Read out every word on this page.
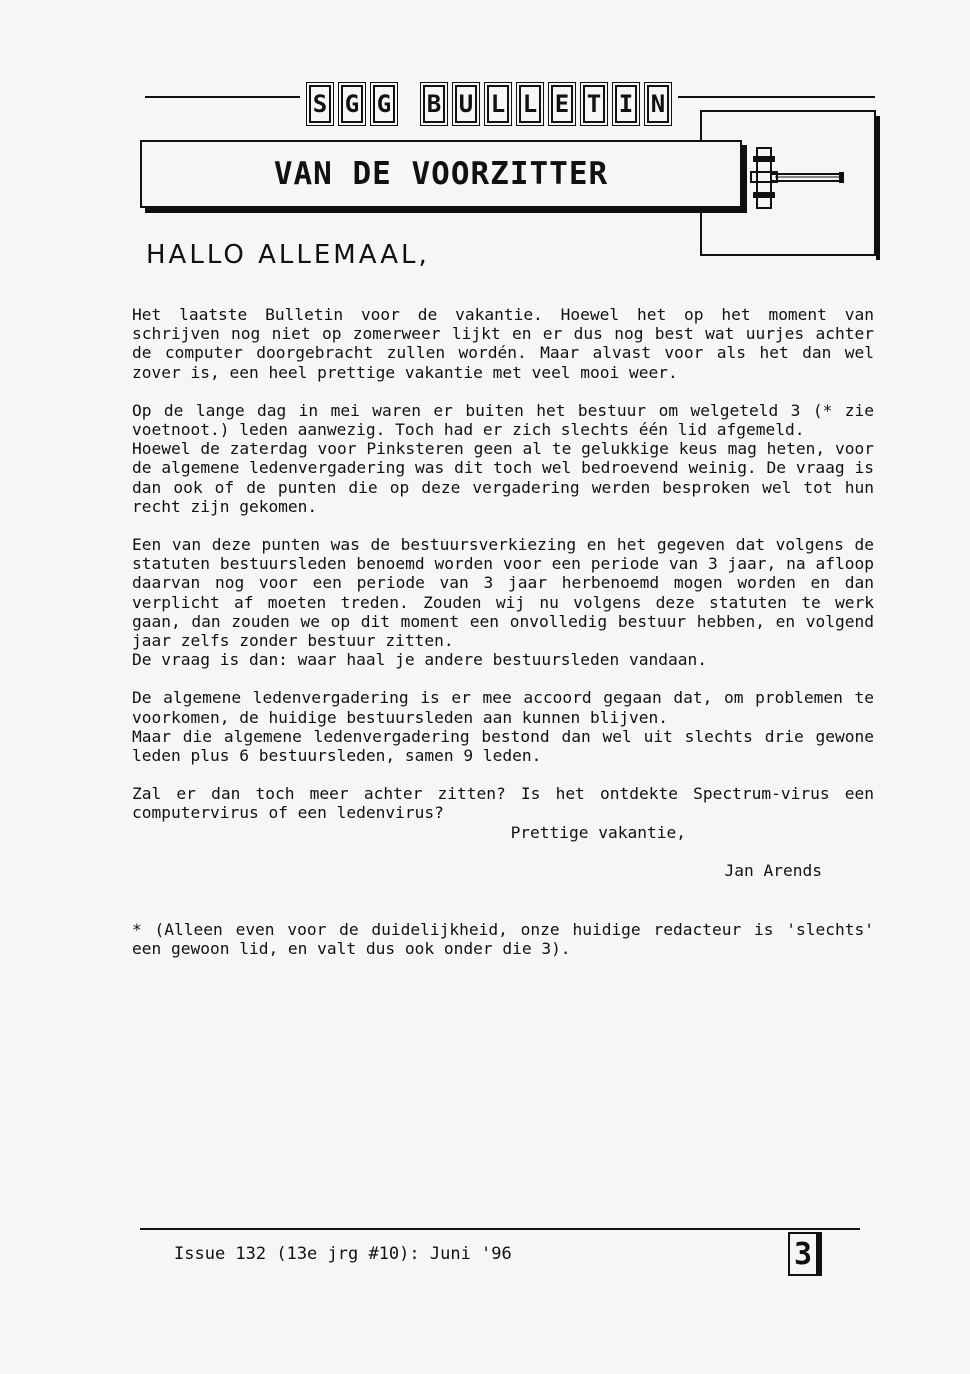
S G G B U L L E T I N
VAN DE VOORZITTER
HALLO ALLEMAAL,

Het laatste Bulletin voor de vakantie. Hoewel het op het moment van schrijven nog niet op zomerweer lijkt en er dus nog best wat uurjes achter de computer doorgebracht zullen wordén. Maar alvast voor als het dan wel zover is, een heel prettige vakantie met veel mooi weer.

Op de lange dag in mei waren er buiten het bestuur om welgeteld 3 (* zie voetnoot.) leden aanwezig. Toch had er zich slechts één lid afgemeld.

Hoewel de zaterdag voor Pinksteren geen al te gelukkige keus mag heten, voor de algemene ledenvergadering was dit toch wel bedroevend weinig. De vraag is dan ook of de punten die op deze vergadering werden besproken wel tot hun recht zijn gekomen.

Een van deze punten was de bestuursverkiezing en het gegeven dat volgens de statuten bestuursleden benoemd worden voor een periode van 3 jaar, na afloop daarvan nog voor een periode van 3 jaar herbenoemd mogen worden en dan verplicht af moeten treden. Zouden wij nu volgens deze statuten te werk gaan, dan zouden we op dit moment een onvolledig bestuur hebben, en volgend jaar zelfs zonder bestuur zitten.

De vraag is dan: waar haal je andere bestuursleden vandaan.

De algemene ledenvergadering is er mee accoord gegaan dat, om problemen te voorkomen, de huidige bestuursleden aan kunnen blijven.

Maar die algemene ledenvergadering bestond dan wel uit slechts drie gewone leden plus 6 bestuursleden, samen 9 leden.

Zal er dan toch meer achter zitten? Is het ontdekte Spectrum-virus een computervirus of een ledenvirus?

Prettige vakantie,

Jan Arends

* (Alleen even voor de duidelijkheid, onze huidige redacteur is 'slechts' een gewoon lid, en valt dus ook onder die 3).

Issue 132 (13e jrg #10): Juni '96	3
